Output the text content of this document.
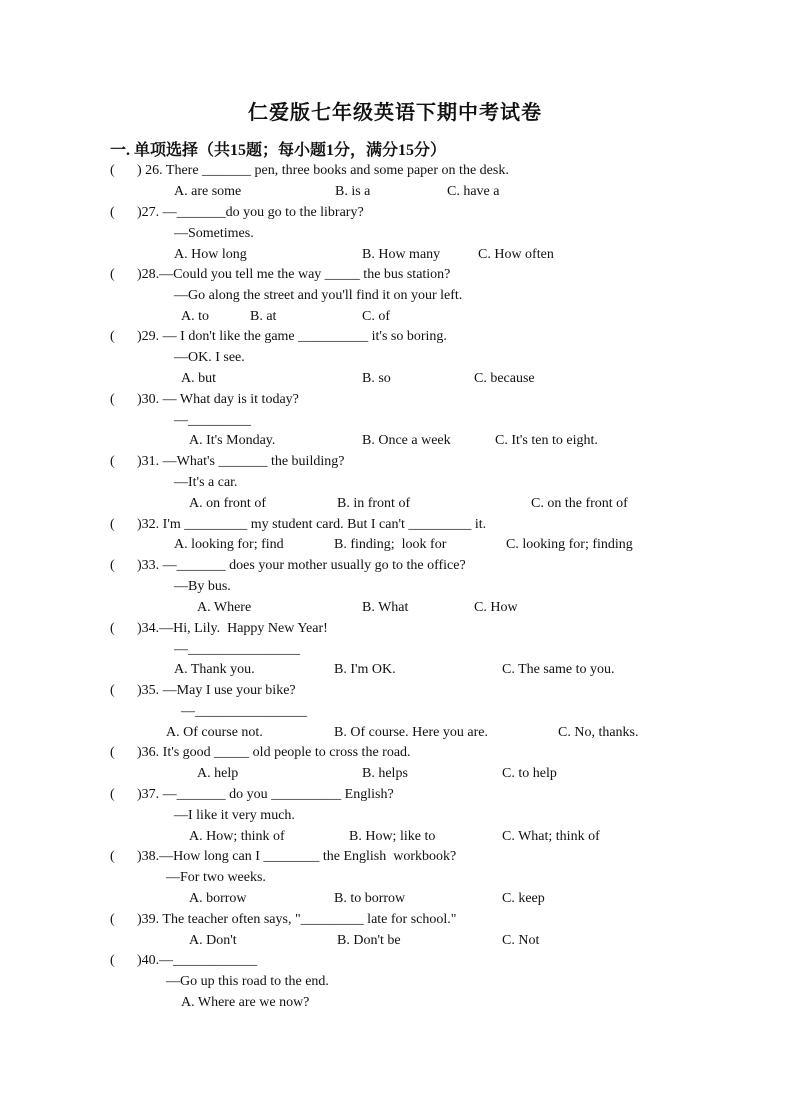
仁爱版七年级英语下期中考试卷
一. 单项选择（共15题；每小题1分，满分15分）
( ) 26. There _______ pen, three books and some paper on the desk.
A. are some	B. is a	C. have a
( )27. —_______do you go to the library?
—Sometimes.
A. How long	B. How many	C. How often
( )28.—Could you tell me the way _____ the bus station?
—Go along the street and you'll find it on your left.
A. to	B. at	C. of
( )29. — I don't like the game __________ it's so boring.
—OK. I see.
A. but	B. so	C. because
( )30. — What day is it today?
—_________
A. It's Monday.	B. Once a week	C. It's ten to eight.
( )31. —What's _______ the building?
—It's a car.
A. on front of	B. in front of	C. on the front of
( )32. I'm _________ my student card. But I can't _________ it.
A. looking for; find	B. finding;  look for	C. looking for; finding
( )33. —_______ does your mother usually go to the office?
—By bus.
A. Where	B. What	C. How
( )34.—Hi, Lily.  Happy New Year!
—________________
A. Thank you.	B. I'm OK.	C. The same to you.
( )35. —May I use your bike?
—________________
A. Of course not.	B. Of course. Here you are.	C. No, thanks.
( )36. It's good _____ old people to cross the road.
A. help	B. helps	C. to help
( )37. —_______ do you __________ English?
—I like it very much.
A. How; think of	B. How; like to	C. What; think of
( )38.—How long can I ________ the English  workbook?
—For two weeks.
A. borrow	B. to borrow	C. keep
( )39. The teacher often says, "_________ late for school."
A. Don't	B. Don't be	C. Not
( )40.—____________
—Go up this road to the end.
A. Where are we now?
